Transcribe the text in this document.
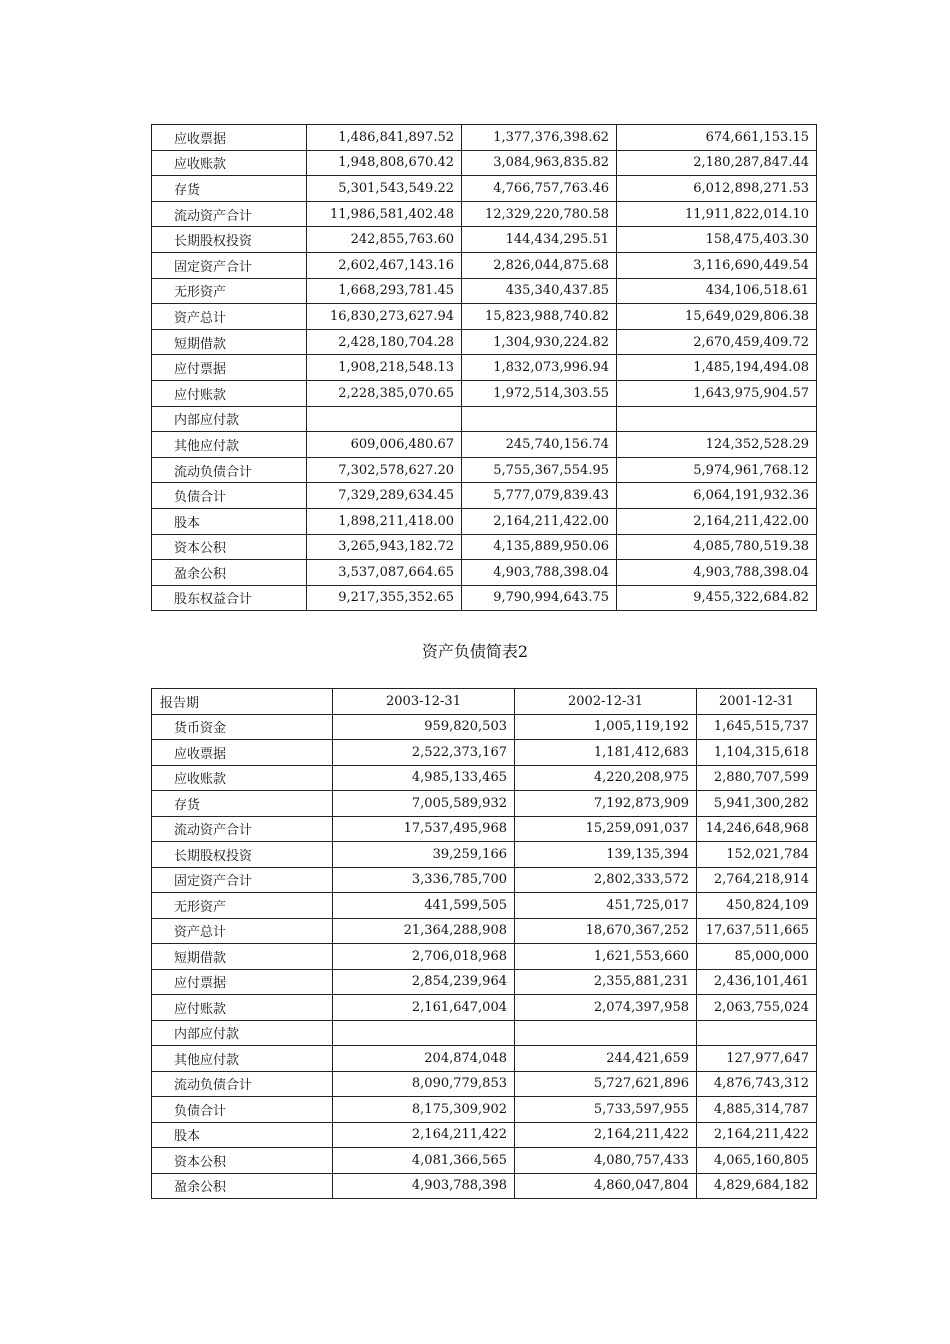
应收票据	1,486,841,897.52	1,377,376,398.62	674,661,153.15
应收账款	1,948,808,670.42	3,084,963,835.82	2,180,287,847.44
存货	5,301,543,549.22	4,766,757,763.46	6,012,898,271.53
流动资产合计	11,986,581,402.48	12,329,220,780.58	11,911,822,014.10
长期股权投资	242,855,763.60	144,434,295.51	158,475,403.30
固定资产合计	2,602,467,143.16	2,826,044,875.68	3,116,690,449.54
无形资产	1,668,293,781.45	435,340,437.85	434,106,518.61
资产总计	16,830,273,627.94	15,823,988,740.82	15,649,029,806.38
短期借款	2,428,180,704.28	1,304,930,224.82	2,670,459,409.72
应付票据	1,908,218,548.13	1,832,073,996.94	1,485,194,494.08
应付账款	2,228,385,070.65	1,972,514,303.55	1,643,975,904.57
内部应付款			
其他应付款	609,006,480.67	245,740,156.74	124,352,528.29
流动负债合计	7,302,578,627.20	5,755,367,554.95	5,974,961,768.12
负债合计	7,329,289,634.45	5,777,079,839.43	6,064,191,932.36
股本	1,898,211,418.00	2,164,211,422.00	2,164,211,422.00
资本公积	3,265,943,182.72	4,135,889,950.06	4,085,780,519.38
盈余公积	3,537,087,664.65	4,903,788,398.04	4,903,788,398.04
股东权益合计	9,217,355,352.65	9,790,994,643.75	9,455,322,684.82
资产负债简表2
报告期	2003-12-31	2002-12-31	2001-12-31
货币资金	959,820,503	1,005,119,192	1,645,515,737
应收票据	2,522,373,167	1,181,412,683	1,104,315,618
应收账款	4,985,133,465	4,220,208,975	2,880,707,599
存货	7,005,589,932	7,192,873,909	5,941,300,282
流动资产合计	17,537,495,968	15,259,091,037	14,246,648,968
长期股权投资	39,259,166	139,135,394	152,021,784
固定资产合计	3,336,785,700	2,802,333,572	2,764,218,914
无形资产	441,599,505	451,725,017	450,824,109
资产总计	21,364,288,908	18,670,367,252	17,637,511,665
短期借款	2,706,018,968	1,621,553,660	85,000,000
应付票据	2,854,239,964	2,355,881,231	2,436,101,461
应付账款	2,161,647,004	2,074,397,958	2,063,755,024
内部应付款			
其他应付款	204,874,048	244,421,659	127,977,647
流动负债合计	8,090,779,853	5,727,621,896	4,876,743,312
负债合计	8,175,309,902	5,733,597,955	4,885,314,787
股本	2,164,211,422	2,164,211,422	2,164,211,422
资本公积	4,081,366,565	4,080,757,433	4,065,160,805
盈余公积	4,903,788,398	4,860,047,804	4,829,684,182
